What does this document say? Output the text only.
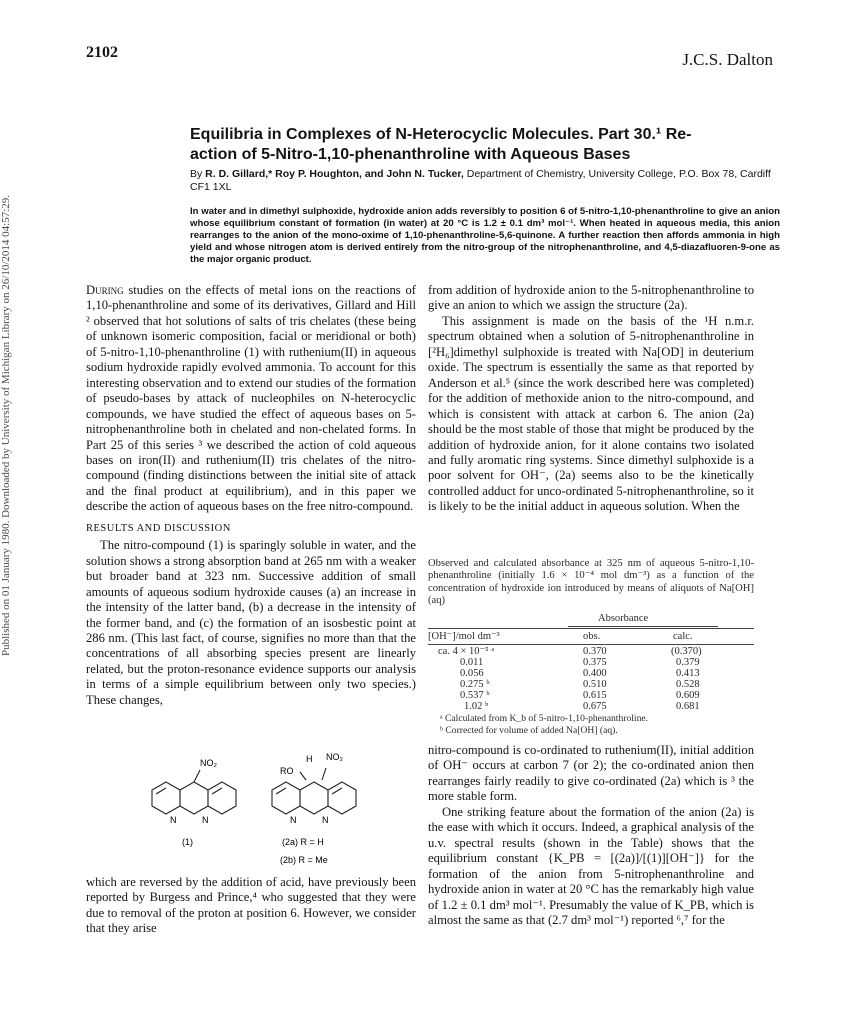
2102	J.C.S. Dalton
Published on 01 January 1980. Downloaded by University of Michigan Library on 26/10/2014 04:57:29.
Equilibria in Complexes of N-Heterocyclic Molecules. Part 30.¹ Re-
action of 5-Nitro-1,10-phenanthroline with Aqueous Bases
By R. D. Gillard,* Roy P. Houghton, and John N. Tucker, Department of Chemistry, University College, P.O. Box 78, Cardiff CF1 1XL
In water and in dimethyl sulphoxide, hydroxide anion adds reversibly to position 6 of 5-nitro-1,10-phenanthroline to give an anion whose equilibrium constant of formation (in water) at 20 °C is 1.2 ± 0.1 dm³ mol⁻¹. When heated in aqueous media, this anion rearranges to the anion of the mono-oxime of 1,10-phenanthroline-5,6-quinone. A further reaction then affords ammonia in high yield and whose nitrogen atom is derived entirely from the nitro-group of the nitrophenanthroline, and 4,5-diazafluoren-9-one as the major organic product.

During studies on the effects of metal ions on the reactions of 1,10-phenanthroline and some of its derivatives, Gillard and Hill ² observed that hot solutions of salts of tris chelates (these being of unknown isomeric composition, facial or meridional or both) of 5-nitro-1,10-phenanthroline (1) with ruthenium(II) in aqueous sodium hydroxide rapidly evolved ammonia. To account for this interesting observation and to extend our studies of the formation of pseudo-bases by attack of nucleophiles on N-heterocyclic compounds, we have studied the effect of aqueous bases on 5-nitrophenanthroline both in chelated and non-chelated forms. In Part 25 of this series ³ we described the action of cold aqueous bases on iron(II) and ruthenium(II) tris chelates of the nitro-compound (finding distinctions between the initial site of attack and the final product at equilibrium), and in this paper we describe the action of aqueous bases on the free nitro-compound.

RESULTS AND DISCUSSION

The nitro-compound (1) is sparingly soluble in water, and the solution shows a strong absorption band at 265 nm with a weaker but broader band at 323 nm. Successive addition of small amounts of aqueous sodium hydroxide causes (a) an increase in the intensity of the latter band, (b) a decrease in the intensity of the former band, and (c) the formation of an isosbestic point at 286 nm. (This last fact, of course, signifies no more than that the concentrations of all absorbing species present are linearly related, but the proton-resonance evidence supports our analysis in terms of a simple equilibrium between only two species.) These changes,

NO₂
N	N
(1)
RO
H NO₂
N	N
(2a) R = H
(2b) R = Me

which are reversed by the addition of acid, have previously been reported by Burgess and Prince,⁴ who suggested that they were due to removal of the proton at position 6. However, we consider that they arise

from addition of hydroxide anion to the 5-nitrophenanthroline to give an anion to which we assign the structure (2a).

This assignment is made on the basis of the ¹H n.m.r. spectrum obtained when a solution of 5-nitrophenanthroline in [²H₆]dimethyl sulphoxide is treated with Na[OD] in deuterium oxide. The spectrum is essentially the same as that reported by Anderson et al.⁵ (since the work described here was completed) for the addition of methoxide anion to the nitro-compound, and which is consistent with attack at carbon 6. The anion (2a) should be the most stable of those that might be produced by the addition of hydroxide anion, for it alone contains two isolated and fully aromatic ring systems. Since dimethyl sulphoxide is a poor solvent for OH⁻, (2a) seems also to be the kinetically controlled adduct for unco-ordinated 5-nitrophenanthroline, so it is likely to be the initial adduct in aqueous solution. When the

Observed and calculated absorbance at 325 nm of aqueous 5-nitro-1,10-phenanthroline (initially 1.6 × 10⁻⁴ mol dm⁻³) as a function of the concentration of hydroxide ion introduced by means of aliquots of Na[OH] (aq)
Absorbance
[OH⁻]/mol dm⁻³	obs.	calc.
ca. 4 × 10⁻⁵ ᵃ	0.370	(0.370)
0.011	0.375	0.379
0.056	0.400	0.413
0.275 ᵇ	0.510	0.528
0.537 ᵇ	0.615	0.609
1.02 ᵇ	0.675	0.681
ᵃ Calculated from K_b of 5-nitro-1,10-phenanthroline.
ᵇ Corrected for volume of added Na[OH] (aq).

nitro-compound is co-ordinated to ruthenium(II), initial addition of OH⁻ occurs at carbon 7 (or 2); the co-ordinated anion then rearranges fairly readily to give co-ordinated (2a) which is ³ the more stable form.

One striking feature about the formation of the anion (2a) is the ease with which it occurs. Indeed, a graphical analysis of the u.v. spectral results (shown in the Table) shows that the equilibrium constant {K_PB = [(2a)]/[(1)][OH⁻]} for the formation of the anion from 5-nitrophenanthroline and hydroxide anion in water at 20 °C has the remarkably high value of 1.2 ± 0.1 dm³ mol⁻¹. Presumably the value of K_PB, which is almost the same as that (2.7 dm³ mol⁻¹) reported ⁶,⁷ for the
